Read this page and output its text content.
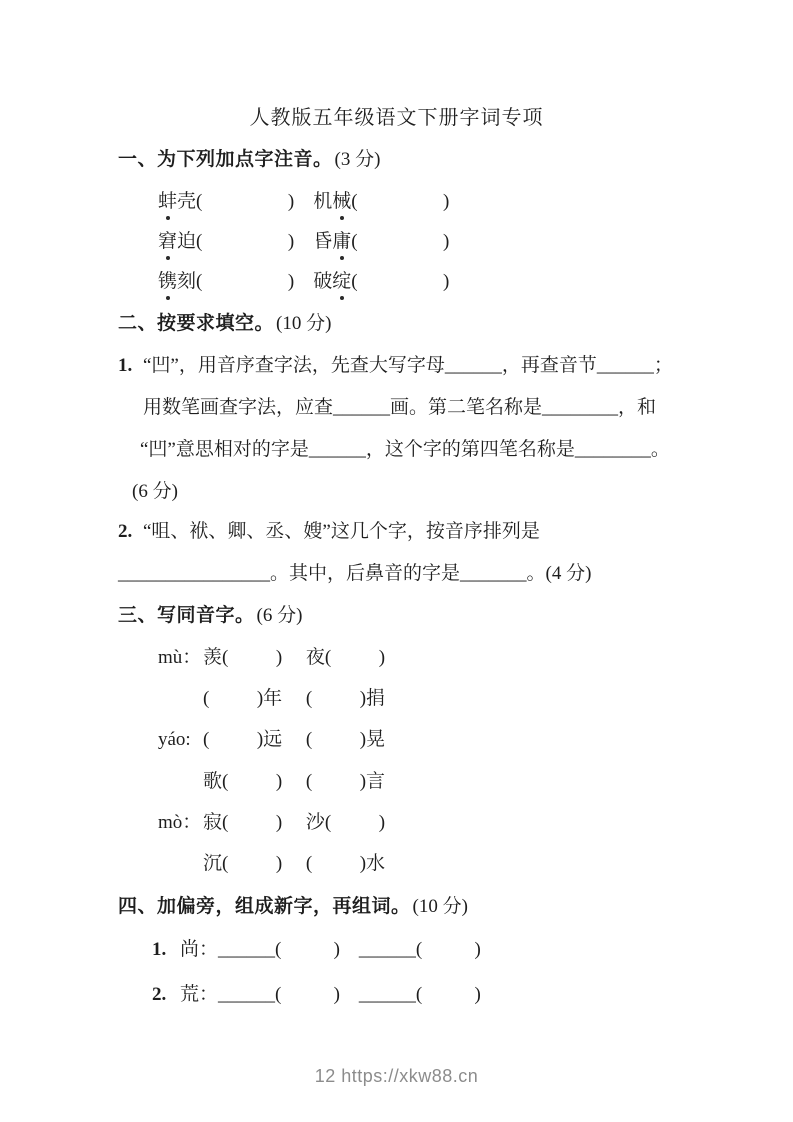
人教版五年级语文下册字词专项
一、为下列加点字注音。 (3 分)
蚌壳(                  )    机械(                  )
窘迫(                  )    昏庸(                  )
镌刻(                  )    破绽(                  )
二、按要求填空。 (10 分)
1. “凹”，用音序查字法，先查大写字母______，再查音节______；
用数笔画查字法，应查______画。第二笔名称是________，和
“凹”意思相对的字是______，这个字的第四笔名称是________。
(6 分)
2. “咀、袱、卿、丞、嫂”这几个字，按音序排列是
________________。其中，后鼻音的字是_______。(4 分)
三、写同音字。 (6 分)
mù：羡(          )     夜(          )
(          )年     (          )捐
yáo: (          )远     (          )晃
歌(          )     (          )言
mò：寂(          )     沙(          )
沉(          )     (          )水
四、加偏旁，组成新字，再组词。 (10 分)
1. 尚：______(           )    ______(           )
2. 荒：______(           )    ______(           )
12 https://xkw88.cn
